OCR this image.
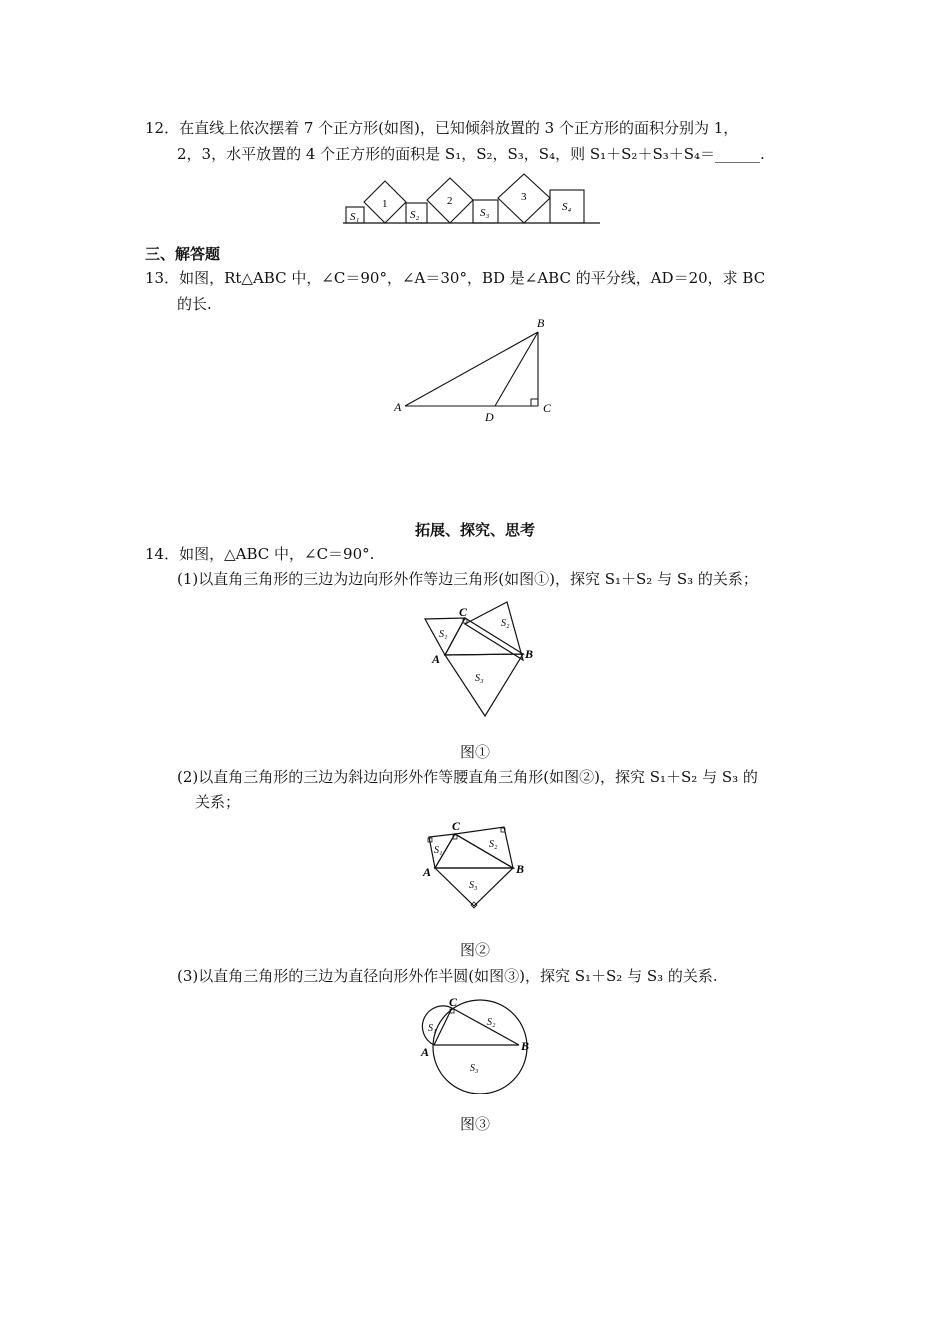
12．在直线上依次摆着 7 个正方形(如图)，已知倾斜放置的 3 个正方形的面积分别为 1，
2，3，水平放置的 4 个正方形的面积是 S₁，S₂，S₃，S₄，则 S₁＋S₂＋S₃＋S₄＝______.
S₁
1
S₂
2
S₃
3
S₄
三、解答题
13．如图，Rt△ABC 中，∠C＝90°，∠A＝30°，BD 是∠ABC 的平分线，AD＝20，求 BC
的长.
A
B
C
D
拓展、探究、思考
14．如图，△ABC 中，∠C＝90°.
(1)以直角三角形的三边为边向形外作等边三角形(如图①)，探究 S₁＋S₂ 与 S₃ 的关系；
C
A	B
S₁
S₂
S₃
图①
(2)以直角三角形的三边为斜边向形外作等腰直角三角形(如图②)，探究 S₁＋S₂ 与 S₃ 的
关系；
C
A	B
S₁
S₂
S₃
图②
(3)以直角三角形的三边为直径向形外作半圆(如图③)，探究 S₁＋S₂ 与 S₃ 的关系.
C
A	B
S₁
S₂
S₃
图③
